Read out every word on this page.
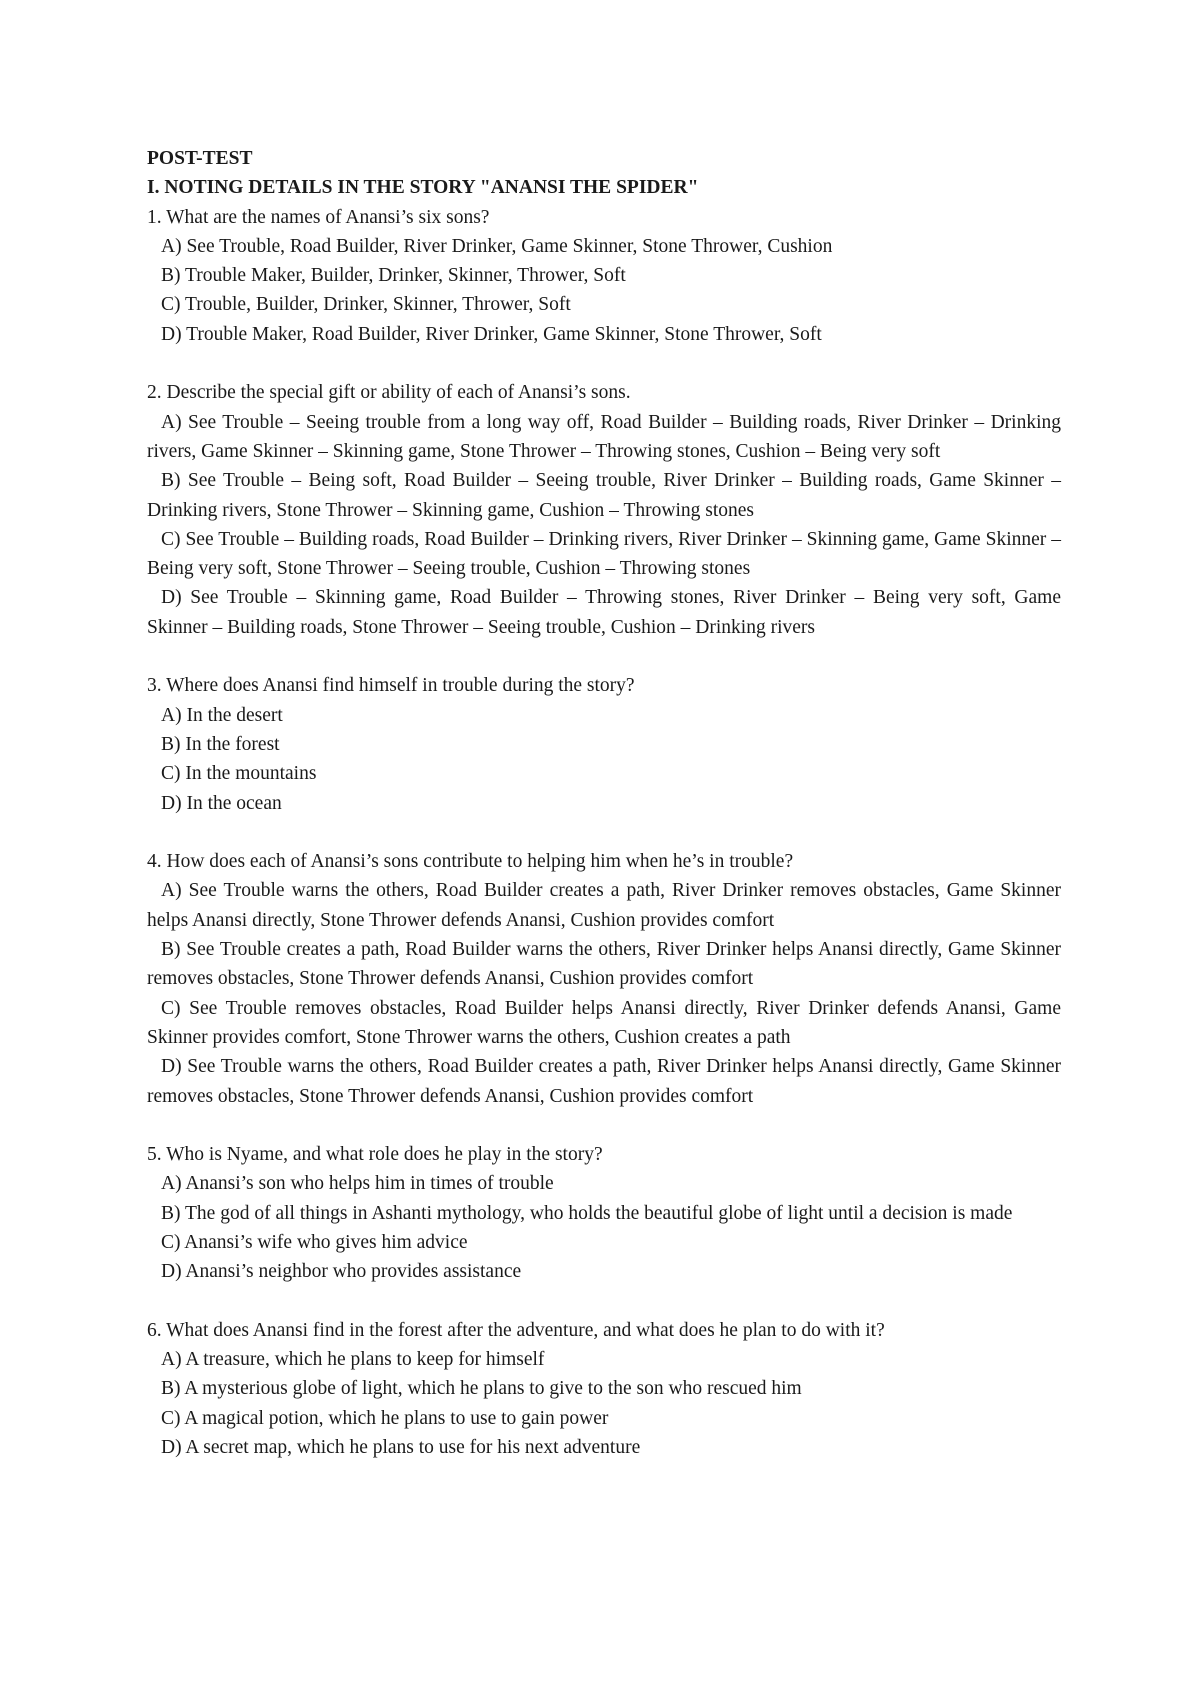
POST-TEST

I. NOTING DETAILS IN THE STORY "ANANSI THE SPIDER"

1. What are the names of Anansi’s six sons?

A) See Trouble, Road Builder, River Drinker, Game Skinner, Stone Thrower, Cushion

B) Trouble Maker, Builder, Drinker, Skinner, Thrower, Soft

C) Trouble, Builder, Drinker, Skinner, Thrower, Soft

D) Trouble Maker, Road Builder, River Drinker, Game Skinner, Stone Thrower, Soft

2. Describe the special gift or ability of each of Anansi’s sons.

A) See Trouble – Seeing trouble from a long way off, Road Builder – Building roads, River Drinker – Drinking rivers, Game Skinner – Skinning game, Stone Thrower – Throwing stones, Cushion – Being very soft

B) See Trouble – Being soft, Road Builder – Seeing trouble, River Drinker – Building roads, Game Skinner – Drinking rivers, Stone Thrower – Skinning game, Cushion – Throwing stones

C) See Trouble – Building roads, Road Builder – Drinking rivers, River Drinker – Skinning game, Game Skinner – Being very soft, Stone Thrower – Seeing trouble, Cushion – Throwing stones

D) See Trouble – Skinning game, Road Builder – Throwing stones, River Drinker – Being very soft, Game Skinner – Building roads, Stone Thrower – Seeing trouble, Cushion – Drinking rivers

3. Where does Anansi find himself in trouble during the story?

A) In the desert

B) In the forest

C) In the mountains

D) In the ocean

4. How does each of Anansi’s sons contribute to helping him when he’s in trouble?

A) See Trouble warns the others, Road Builder creates a path, River Drinker removes obstacles, Game Skinner helps Anansi directly, Stone Thrower defends Anansi, Cushion provides comfort

B) See Trouble creates a path, Road Builder warns the others, River Drinker helps Anansi directly, Game Skinner removes obstacles, Stone Thrower defends Anansi, Cushion provides comfort

C) See Trouble removes obstacles, Road Builder helps Anansi directly, River Drinker defends Anansi, Game Skinner provides comfort, Stone Thrower warns the others, Cushion creates a path

D) See Trouble warns the others, Road Builder creates a path, River Drinker helps Anansi directly, Game Skinner removes obstacles, Stone Thrower defends Anansi, Cushion provides comfort

5. Who is Nyame, and what role does he play in the story?

A) Anansi’s son who helps him in times of trouble

B) The god of all things in Ashanti mythology, who holds the beautiful globe of light until a decision is made

C) Anansi’s wife who gives him advice

D) Anansi’s neighbor who provides assistance

6. What does Anansi find in the forest after the adventure, and what does he plan to do with it?

A) A treasure, which he plans to keep for himself

B) A mysterious globe of light, which he plans to give to the son who rescued him

C) A magical potion, which he plans to use to gain power

D) A secret map, which he plans to use for his next adventure
